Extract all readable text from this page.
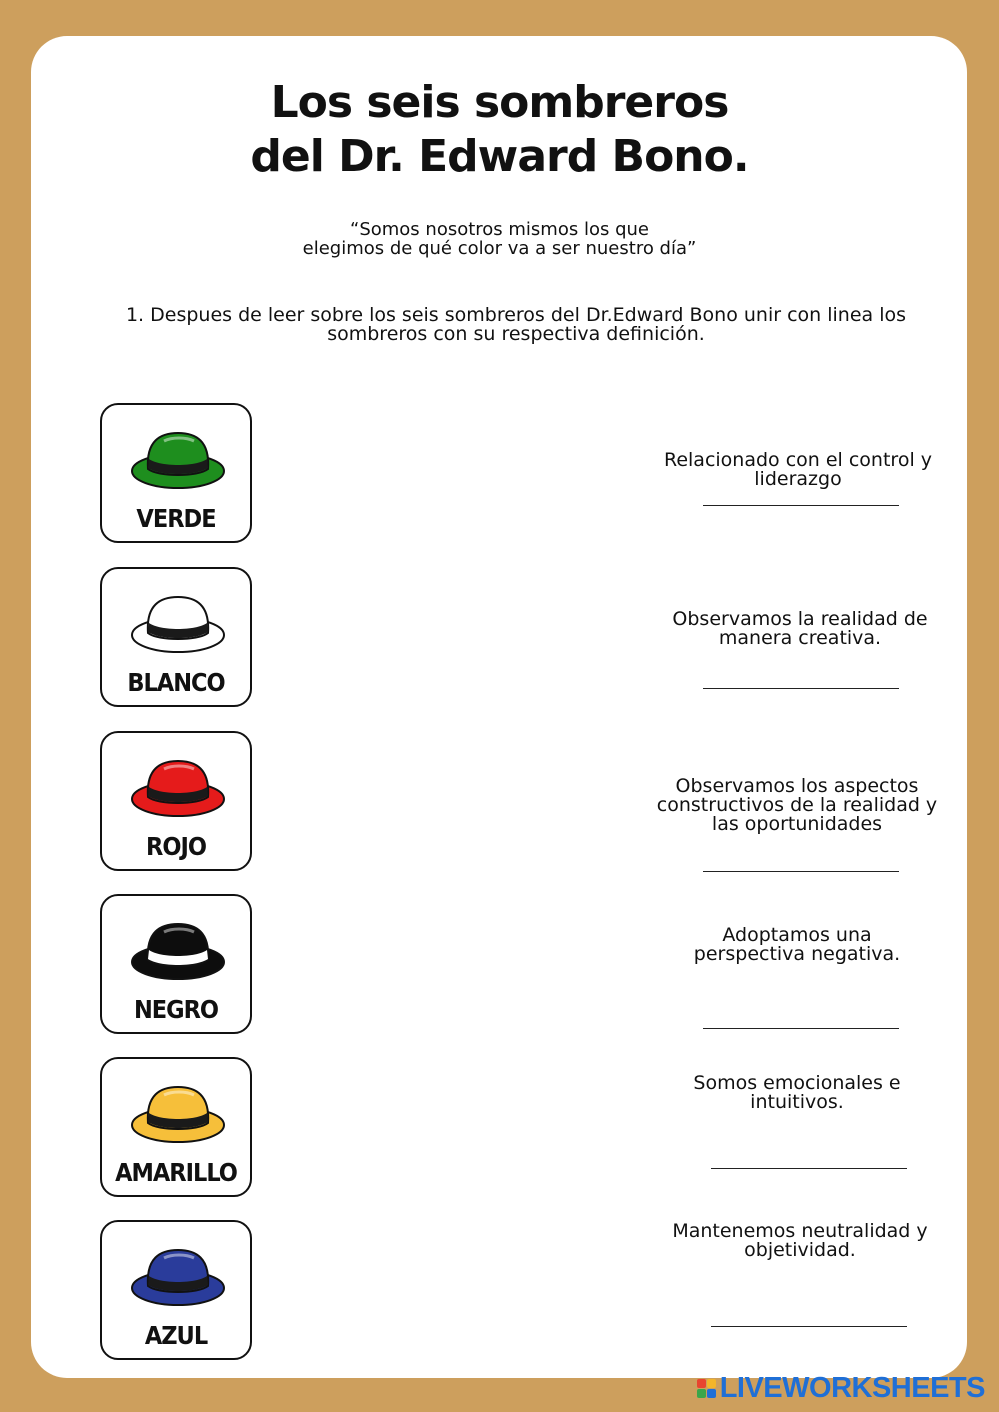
Los seis sombreros
del Dr. Edward Bono.
“Somos nosotros mismos los que
elegimos de qué color va a ser nuestro día”
1. Despues de leer sobre los seis sombreros del Dr.Edward Bono unir con linea los sombreros con su respectiva definición.
VERDE
BLANCO
ROJO
NEGRO
AMARILLO
AZUL
Relacionado con el control y liderazgo
Observamos la realidad de manera creativa.
Observamos los aspectos constructivos de la realidad y las oportunidades
Adoptamos una perspectiva negativa.
Somos emocionales e intuitivos.
Mantenemos neutralidad y objetividad.
LIVEWORKSHEETS
